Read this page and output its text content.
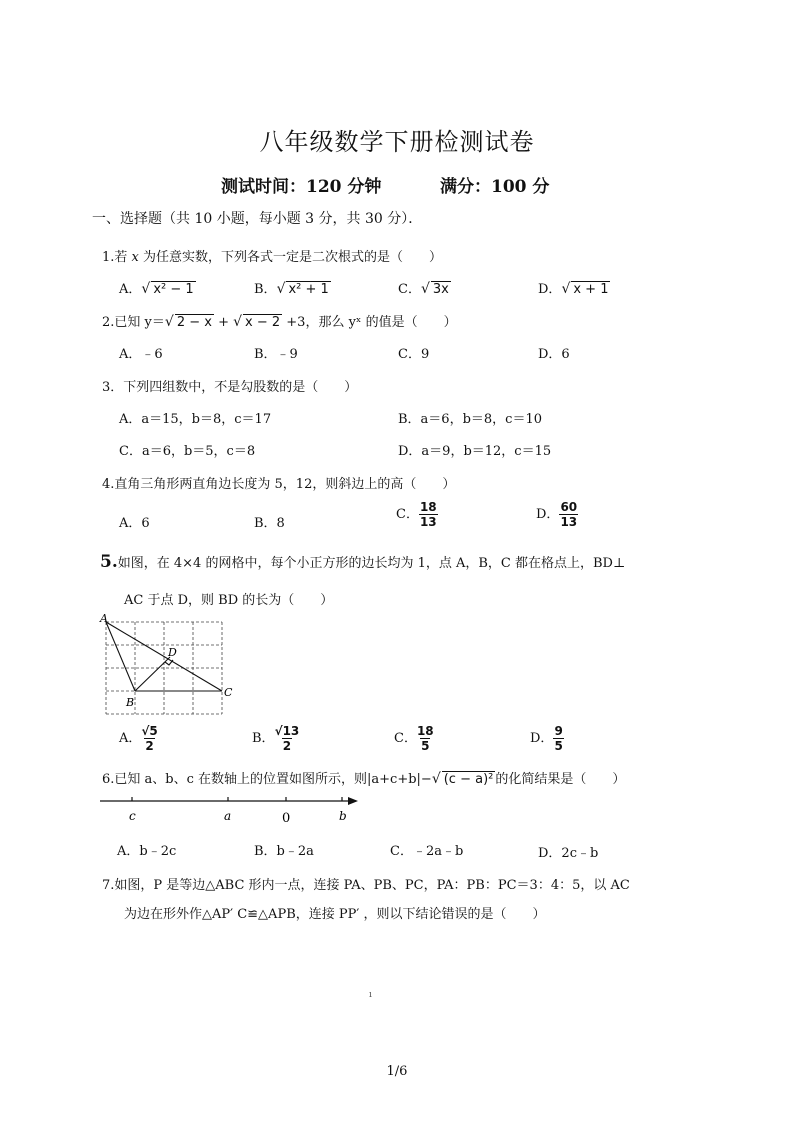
八年级数学下册检测试卷
测试时间：120 分钟	满分：100 分
一、选择题（共 10 小题，每小题 3 分，共 30 分）．
1.若 x 为任意实数，下列各式一定是二次根式的是（　　）
A．√ x² − 1	B．√ x² + 1	C．√ 3x	D．√ x + 1
2.已知 y＝√ 2 − x + √ x − 2 +3，那么 yˣ 的值是（　　）
A．﹣6	B．﹣9	C．9	D．6
3．下列四组数中，不是勾股数的是（　　）
A．a＝15，b＝8，c＝17	B．a＝6，b＝8，c＝10
C．a＝6，b＝5，c＝8	D．a＝9，b＝12，c＝15
4.直角三角形两直角边长度为 5，12，则斜边上的高（　　）
A．6	B．8
C． $\frac{18}{13}$	D． $\frac{60}{13}$
5.如图，在 4×4 的网格中，每个小正方形的边长均为 1，点 A，B，C 都在格点上，BD⊥
AC 于点 D，则 BD 的长为（　　）
A
B
C
D
A． $\frac{√5}{2}$	B． $\frac{√13}{2}$	C． $\frac{18}{5}$	D． $\frac{9}{5}$
6.已知 a、b、c 在数轴上的位置如图所示，则|a+c+b|−√ (c − a)² 的化简结果是（　　）
c	a	0	b
A．b﹣2c	B．b﹣2a	C．﹣2a﹣b	D．2c﹣b
7.如图，P 是等边△ABC 形内一点，连接 PA、PB、PC，PA：PB：PC＝3：4：5，以 AC
为边在形外作△AP′ C≌△APB，连接 PP′ ，则以下结论错误的是（　　）
ı
1/6
